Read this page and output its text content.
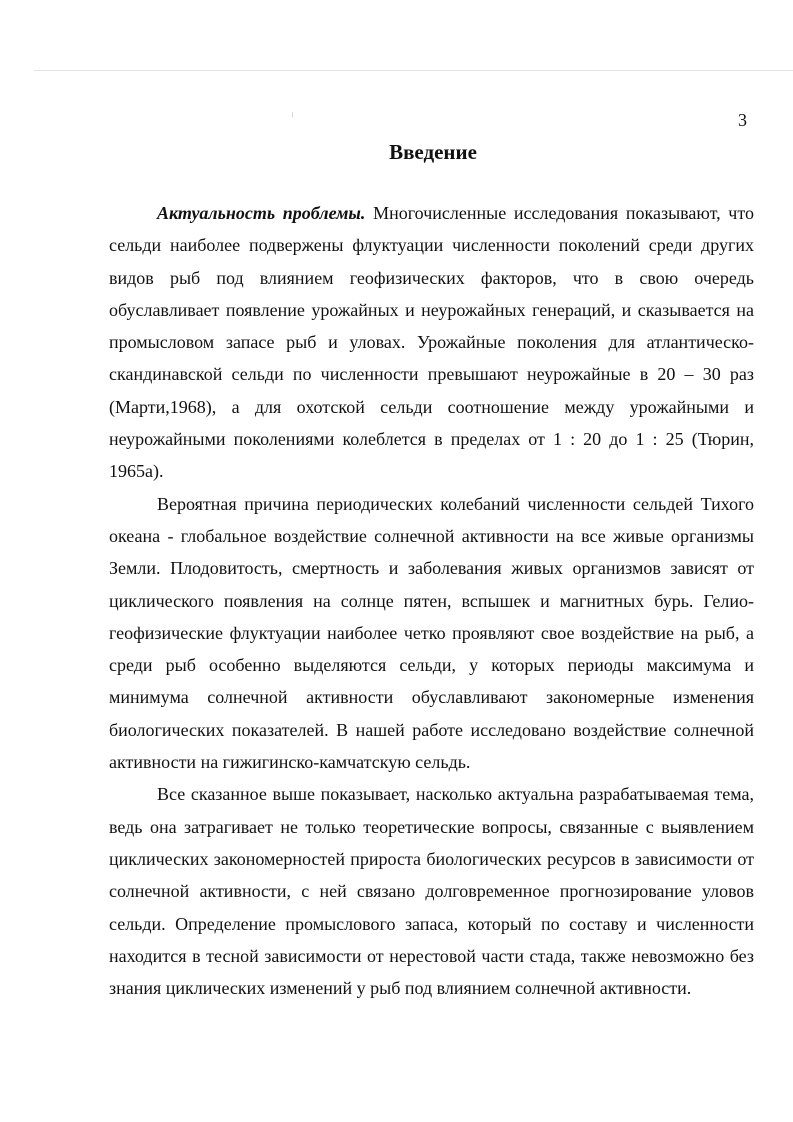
3
Введение

Актуальность проблемы. Многочисленные исследования показывают, что сельди наиболее подвержены флуктуации численности поколений среди других видов рыб под влиянием геофизических факторов, что в свою очередь обуславливает появление урожайных и неурожайных генераций, и сказывается на промысловом запасе рыб и уловах. Урожайные поколения для атлантическо-скандинавской сельди по численности превышают неурожайные в 20 – 30 раз (Марти,1968), а для охотской сельди соотношение между урожайными и неурожайными поколениями колеблется в пределах от 1 : 20 до 1 : 25 (Тюрин, 1965а).

Вероятная причина периодических колебаний численности сельдей Тихого океана - глобальное воздействие солнечной активности на все живые организмы Земли. Плодовитость, смертность и заболевания живых организмов зависят от циклического появления на солнце пятен, вспышек и магнитных бурь. Гелио-геофизические флуктуации наиболее четко проявляют свое воздействие на рыб, а среди рыб особенно выделяются сельди, у которых периоды максимума и минимума солнечной активности обуславливают закономерные изменения биологических показателей. В нашей работе исследовано воздействие солнечной активности на гижигинско-камчатскую сельдь.

Все сказанное выше показывает, насколько актуальна разрабатываемая тема, ведь она затрагивает не только теоретические вопросы, связанные с выявлением циклических закономерностей прироста биологических ресурсов в зависимости от солнечной активности, с ней связано долговременное прогнозирование уловов сельди. Определение промыслового запаса, который по составу и численности находится в тесной зависимости от нерестовой части стада, также невозможно без знания циклических изменений у рыб под влиянием солнечной активности.
